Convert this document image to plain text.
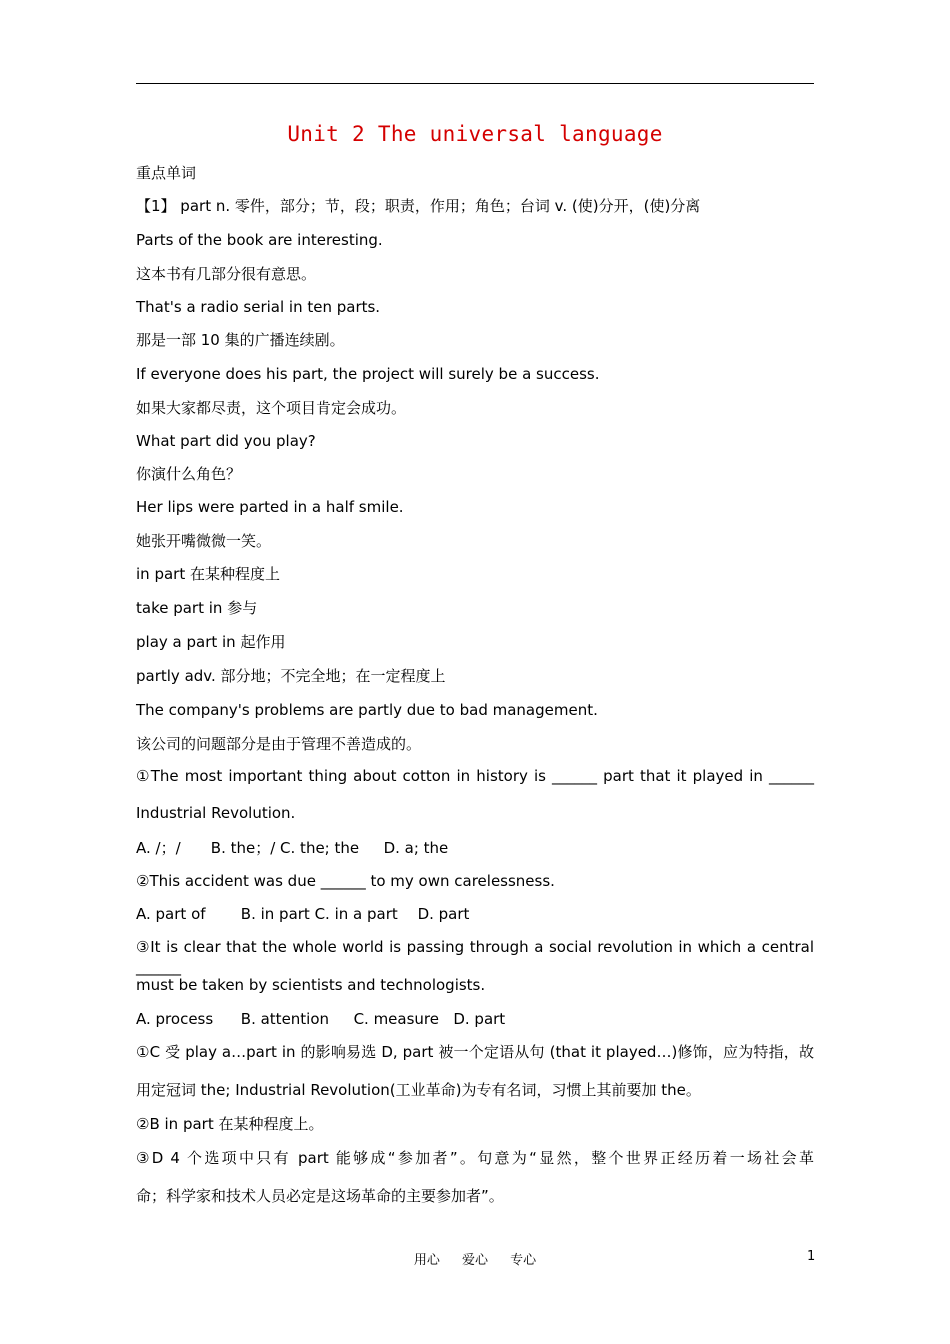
Unit 2 The universal language
重点单词
【1】 part n. 零件，部分；节，段；职责，作用；角色；台词 v. (使)分开，(使)分离
Parts of the book are interesting.
这本书有几部分很有意思。
That's a radio serial in ten parts.
那是一部 10 集的广播连续剧。
If everyone does his part, the project will surely be a success.
如果大家都尽责，这个项目肯定会成功。
What part did you play?
你演什么角色？
Her lips were parted in a half smile.
她张开嘴微微一笑。
in part 在某种程度上
take part in 参与
play a part in 起作用
partly adv. 部分地；不完全地；在一定程度上
The company's problems are partly due to bad management.
该公司的问题部分是由于管理不善造成的。
①The most important thing about cotton in history is ______ part that it played in ______
Industrial Revolution.
A. /；/ B. the；/ C. the; the D. a; the
②This accident was due ______ to my own carelessness.
A. part of B. in part C. in a part D. part
③It is clear that the whole world is passing through a social revolution in which a central ______
must be taken by scientists and technologists.
A. process B. attention C. measure D. part
①C 受 play a…part in 的影响易选 D, part 被一个定语从句 (that it played…)修饰，应为特指，故
用定冠词 the; Industrial Revolution(工业革命)为专有名词，习惯上其前要加 the。
②B in part 在某种程度上。
③D 4 个选项中只有 part 能够成“参加者”。句意为“显然，整个世界正经历着一场社会革
命；科学家和技术人员必定是这场革命的主要参加者”。
用心 爱心 专心	1
